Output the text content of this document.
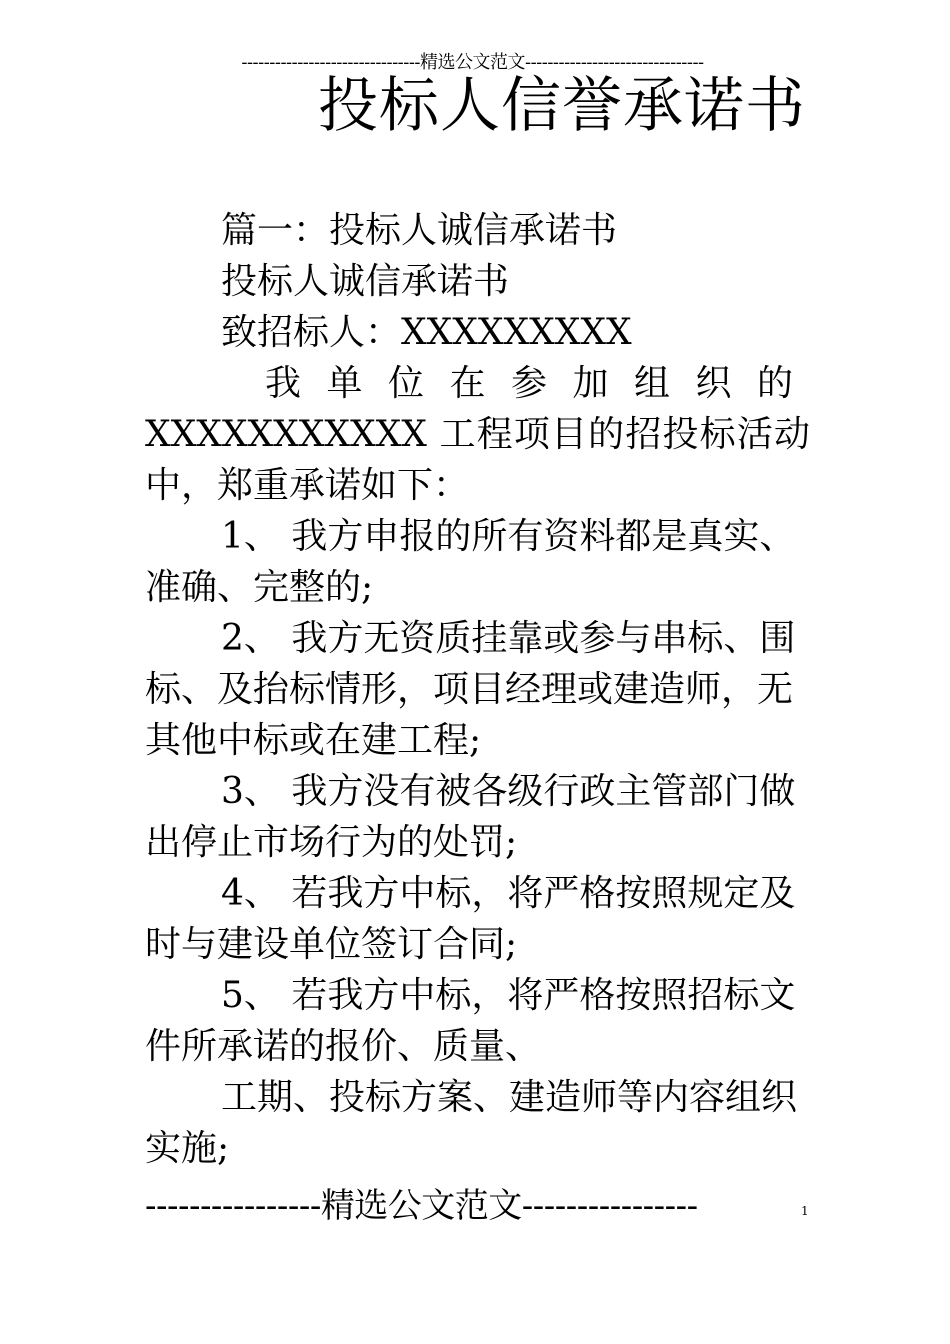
--------------------------------精选公文范文--------------------------------
投标人信誉承诺书

篇一：投标人诚信承诺书

投标人诚信承诺书

致招标人：XXXXXXXXX

我单位在参加组织的XXXXXXXXXXX 工程项目的招投标活动中，郑重承诺如下：

1、 我方申报的所有资料都是真实、准确、完整的;

2、 我方无资质挂靠或参与串标、围标、及抬标情形，项目经理或建造师，无其他中标或在建工程;

3、 我方没有被各级行政主管部门做出停止市场行为的处罚;

4、 若我方中标，将严格按照规定及时与建设单位签订合同;

5、 若我方中标，将严格按照招标文件所承诺的报价、质量、

工期、投标方案、建造师等内容组织实施;

----------------精选公文范文----------------	1
